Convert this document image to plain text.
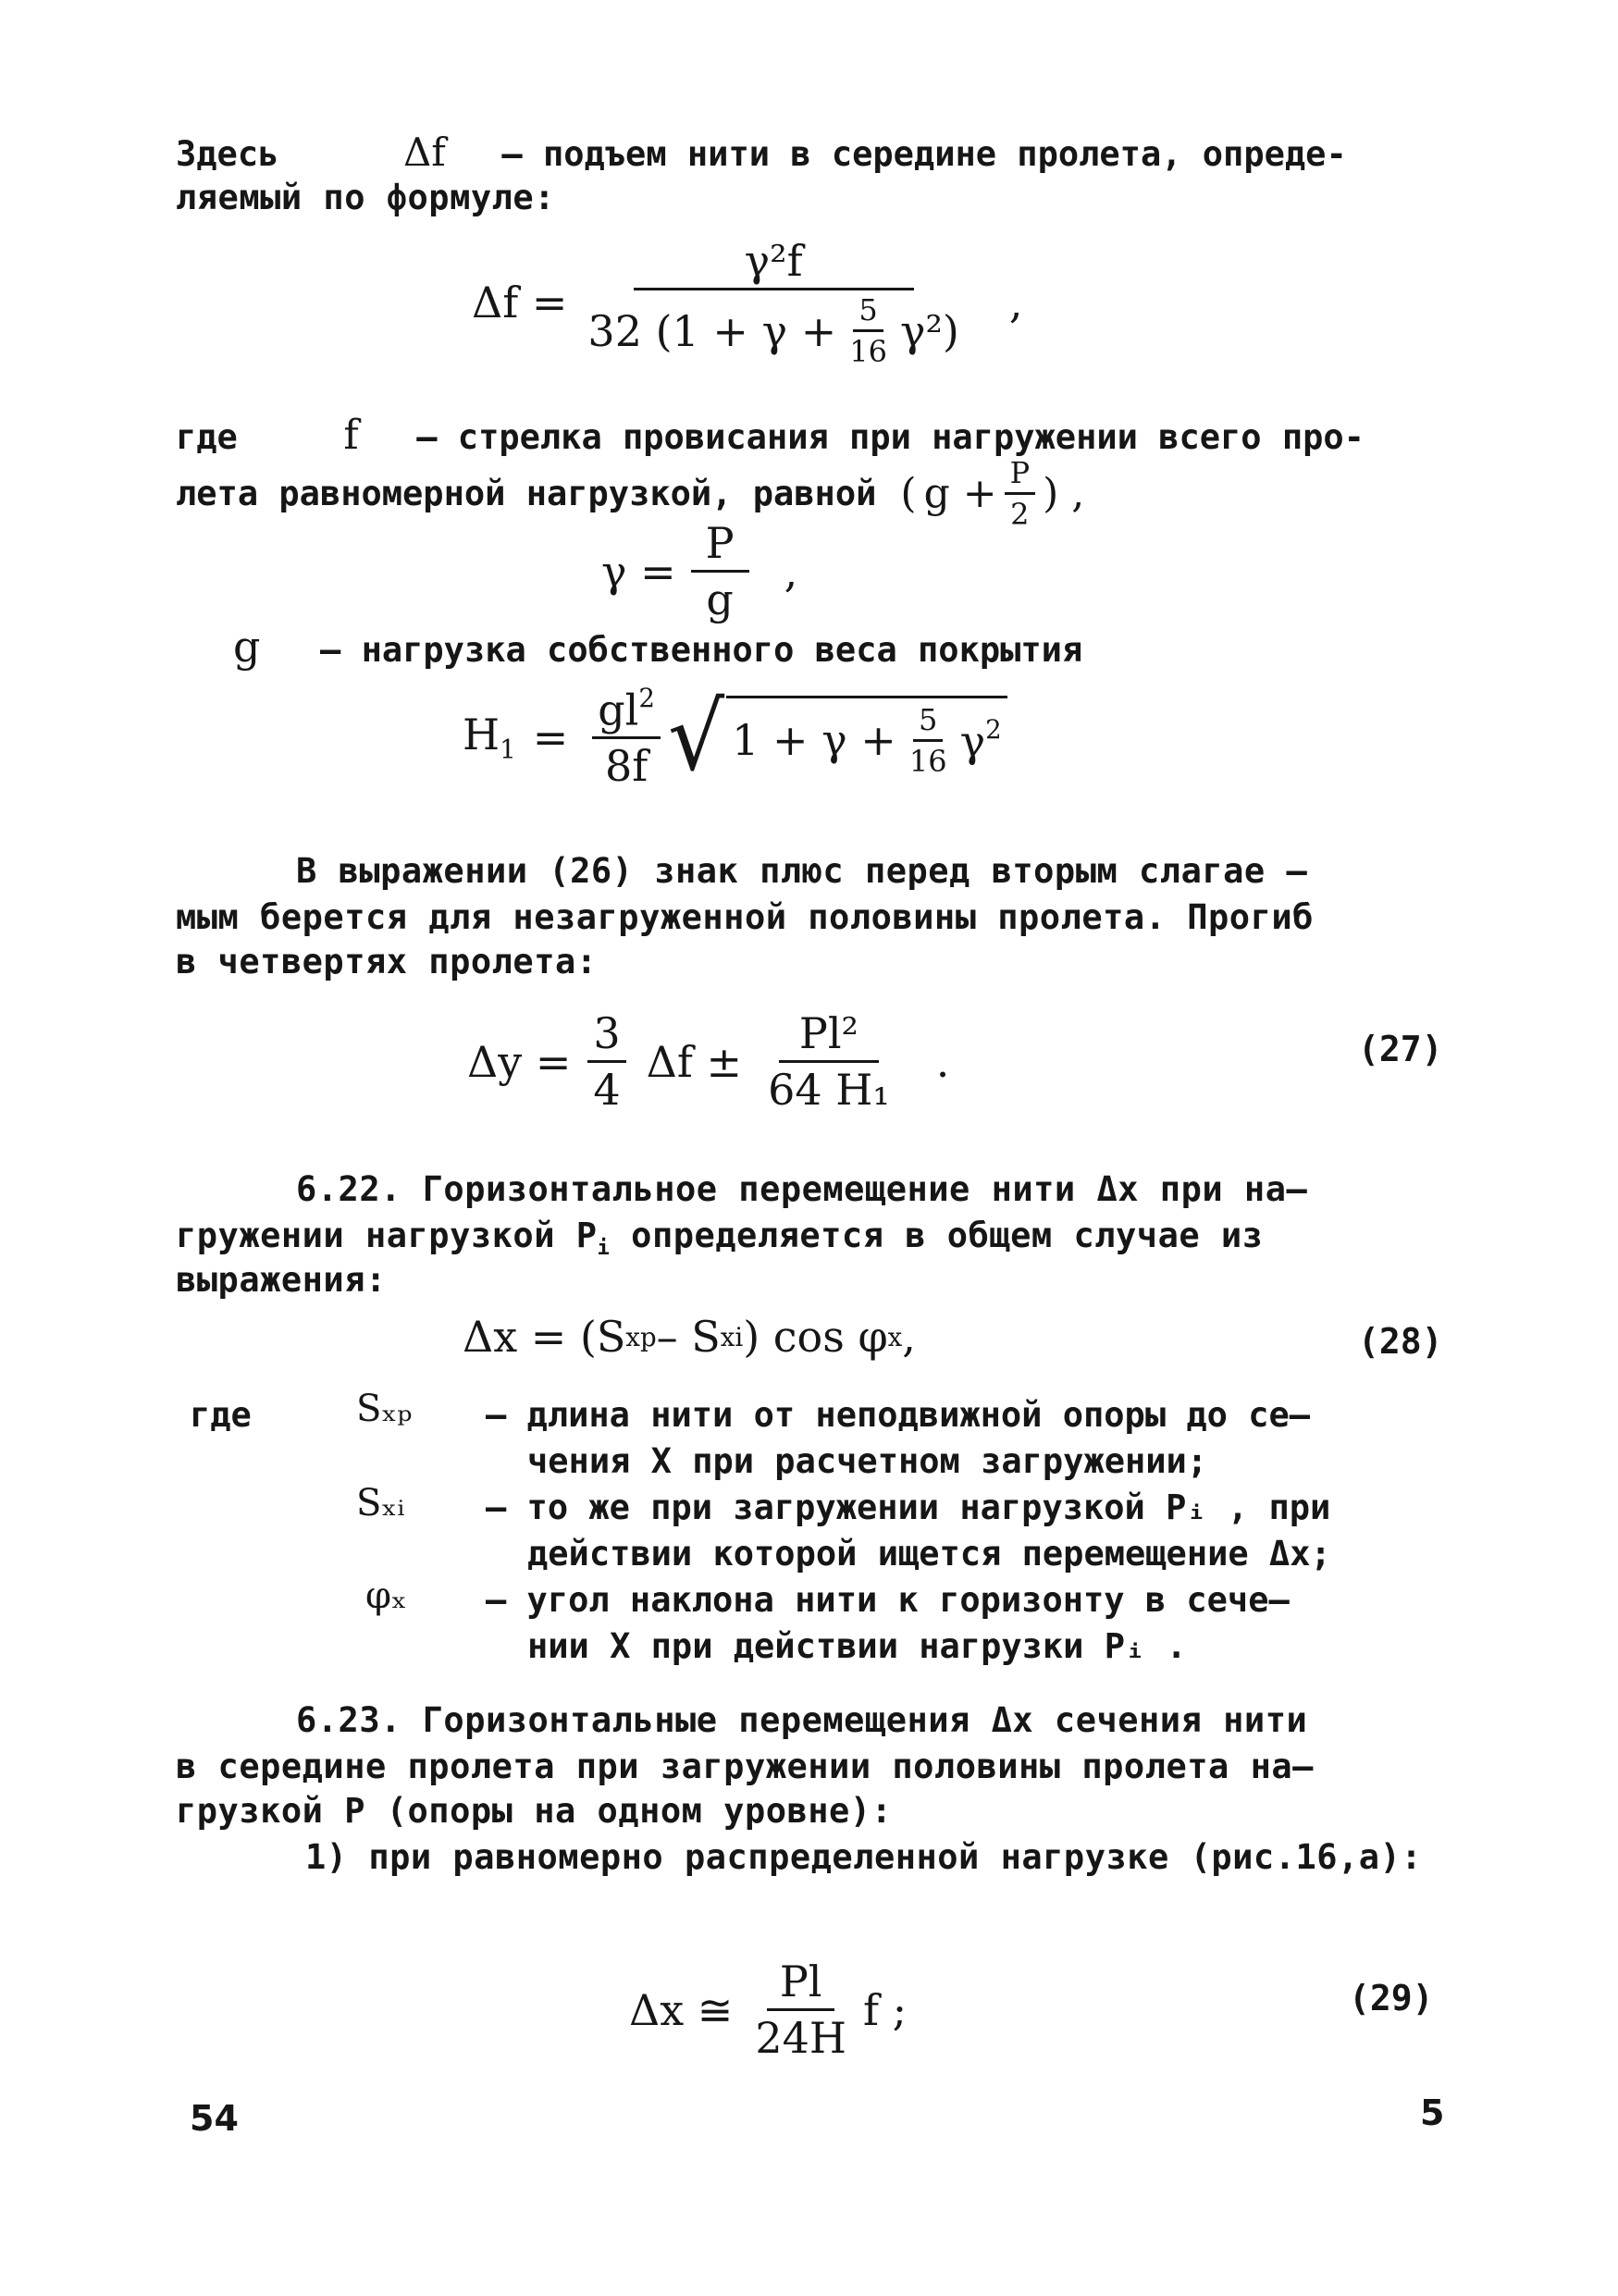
Здесь	Δf – подъем нити в середине пролета, опреде-
ляемый по формуле:
Δf =
γ²f
32 $(1 + \gamma + \frac{5}{16} \gamma^2)$
,
где	f – стрелка провисания при нагружении всего про-
лета равномерной нагрузкой, равной ( $g + \frac{P}{2}$ ) ,
$\gamma = \frac{P}{g}$ ,
g – нагрузка собственного веса покрытия
$H_1 = \frac{gl^2}{8f}$ √ $1 + \gamma + \frac{5}{16} \gamma^2$
В выражении (26) знак плюс перед вторым слагае –
мым берется для незагруженной половины пролета. Прогиб
в четвертях пролета:
$\Delta y = \frac{3}{4}$ $\Delta f \pm \frac{\text{Pl²}}{\text{64 H₁}}$ .	(27)
6.22. Горизонтальное перемещение нити Δx при на–
гружении нагрузкой $P_i$ определяется в общем случае из
выражения:
Δx = (S xp – S xi ) cos φ x ,	(28)
где	Sₓₚ – длина нити от неподвижной опоры до се–
чения X при расчетном загружении;
Sₓᵢ – то же при загружении нагрузкой Pᵢ , при
действии которой ищется перемещение Δx;
φₓ – угол наклона нити к горизонту в сече–
нии X при действии нагрузки Pᵢ .
6.23. Горизонтальные перемещения Δx сечения нити
в середине пролета при загружении половины пролета на–
грузкой P (опоры на одном уровне):
1) при равномерно распределенной нагрузке (рис.16,а):
Δx ≅ $\frac{Pl}{24H}$ f ;	(29)
54	5
